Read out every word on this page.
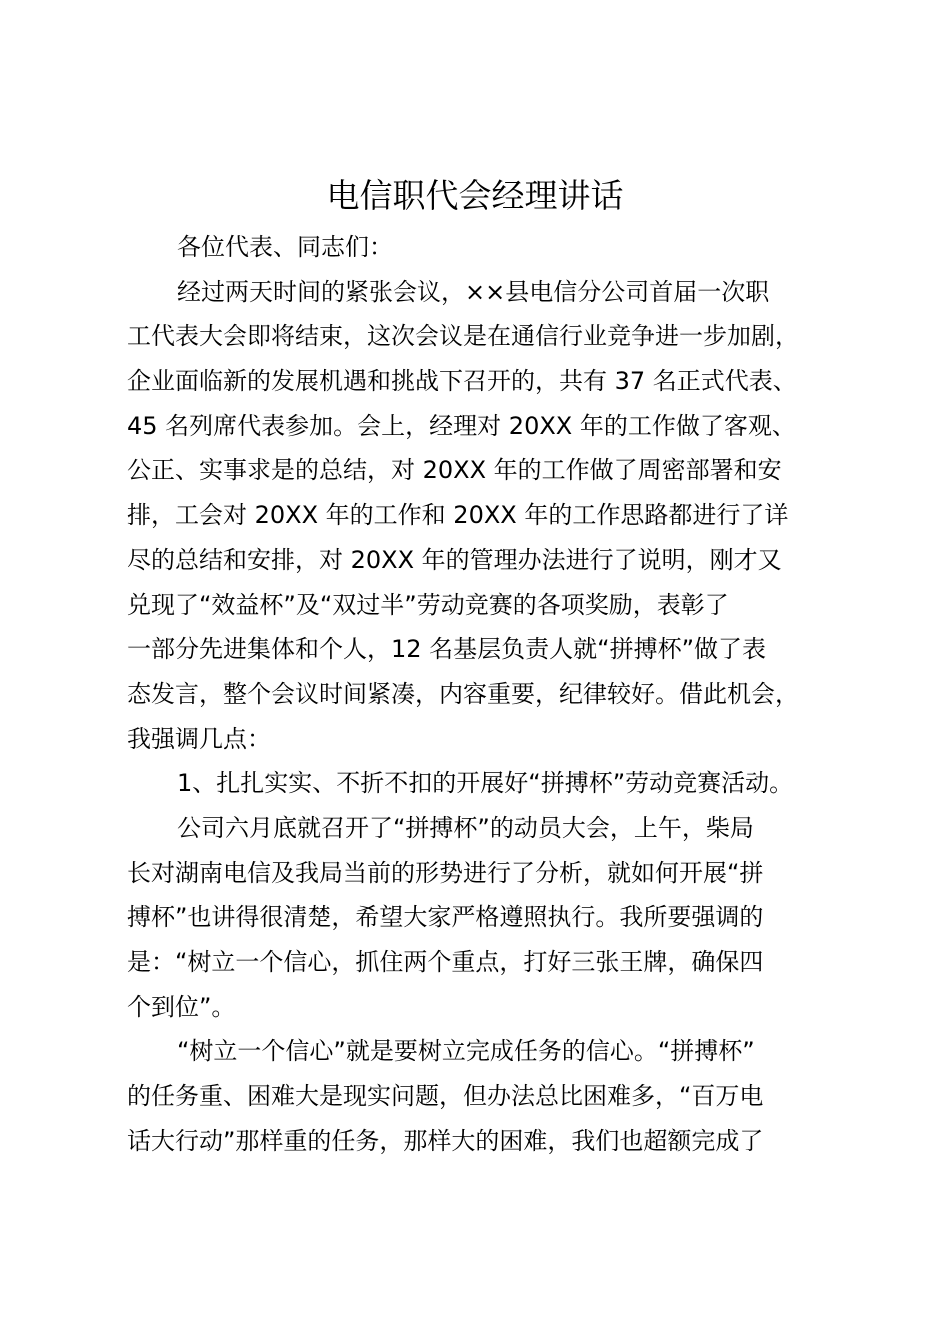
电信职代会经理讲话
各位代表、同志们：
经过两天时间的紧张会议，××县电信分公司首届一次职
工代表大会即将结束，这次会议是在通信行业竞争进一步加剧，
企业面临新的发展机遇和挑战下召开的，共有 37 名正式代表、
45 名列席代表参加。会上，经理对 20XX 年的工作做了客观、
公正、实事求是的总结，对 20XX 年的工作做了周密部署和安
排，工会对 20XX 年的工作和 20XX 年的工作思路都进行了详
尽的总结和安排，对 20XX 年的管理办法进行了说明，刚才又
兑现了“效益杯”及“双过半”劳动竞赛的各项奖励，表彰了
一部分先进集体和个人，12 名基层负责人就“拼搏杯”做了表
态发言，整个会议时间紧凑，内容重要，纪律较好。借此机会，
我强调几点：
1、扎扎实实、不折不扣的开展好“拼搏杯”劳动竞赛活动。
公司六月底就召开了“拼搏杯”的动员大会，上午，柴局
长对湖南电信及我局当前的形势进行了分析，就如何开展“拼
搏杯”也讲得很清楚，希望大家严格遵照执行。我所要强调的
是：“树立一个信心，抓住两个重点，打好三张王牌，确保四
个到位”。
“树立一个信心”就是要树立完成任务的信心。“拼搏杯”
的任务重、困难大是现实问题，但办法总比困难多，“百万电
话大行动”那样重的任务，那样大的困难，我们也超额完成了
